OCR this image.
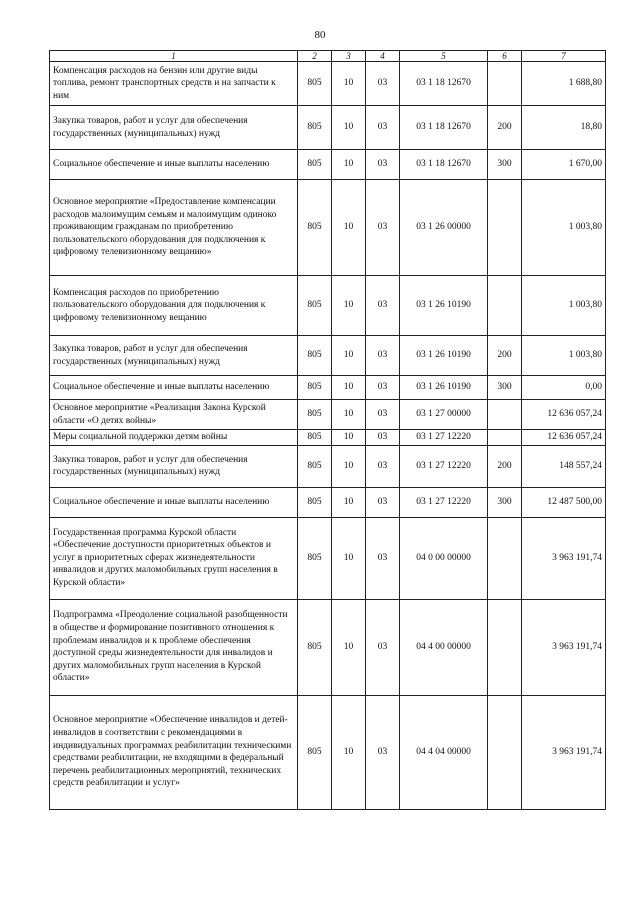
80
1	2	3	4	5	6	7
Компенсация расходов на бензин или другие виды топлива, ремонт транспортных средств и на запчасти к ним	805	10	03	03 1 18 12670		1 688,80
Закупка товаров, работ и услуг для обеспечения государственных (муниципальных) нужд	805	10	03	03 1 18 12670	200	18,80
Социальное обеспечение и иные выплаты населению	805	10	03	03 1 18 12670	300	1 670,00
Основное мероприятие «Предоставление компенсации расходов малоимущим семьям и малоимущим одиноко проживающим гражданам по приобретению пользовательского оборудования для подключения к цифровому телевизионному вещанию»	805	10	03	03 1 26 00000		1 003,80
Компенсация расходов по приобретению пользовательского оборудования для подключения к цифровому телевизионному вещанию	805	10	03	03 1 26 10190		1 003,80
Закупка товаров, работ и услуг для обеспечения государственных (муниципальных) нужд	805	10	03	03 1 26 10190	200	1 003,80
Социальное обеспечение и иные выплаты населению	805	10	03	03 1 26 10190	300	0,00
Основное мероприятие «Реализация Закона Курской области «О детях войны»	805	10	03	03 1 27 00000		12 636 057,24
Меры социальной поддержки детям войны	805	10	03	03 1 27 12220		12 636 057,24
Закупка товаров, работ и услуг для обеспечения государственных (муниципальных) нужд	805	10	03	03 1 27 12220	200	148 557,24
Социальное обеспечение и иные выплаты населению	805	10	03	03 1 27 12220	300	12 487 500,00
Государственная программа Курской области «Обеспечение доступности приоритетных объектов и услуг в приоритетных сферах жизнедеятельности инвалидов и других маломобильных групп населения в Курской области»	805	10	03	04 0 00 00000		3 963 191,74
Подпрограмма «Преодоление социальной разобщенности в обществе и формирование позитивного отношения к проблемам инвалидов и к проблеме обеспечения доступной среды жизнедеятельности для инвалидов и других маломобильных групп населения в Курской области»	805	10	03	04 4 00 00000		3 963 191,74
Основное мероприятие «Обеспечение инвалидов и детей-инвалидов в соответствии с рекомендациями в индивидуальных программах реабилитации техническими средствами реабилитации, не входящими в федеральный перечень реабилитационных мероприятий, технических средств реабилитации и услуг»	805	10	03	04 4 04 00000		3 963 191,74
